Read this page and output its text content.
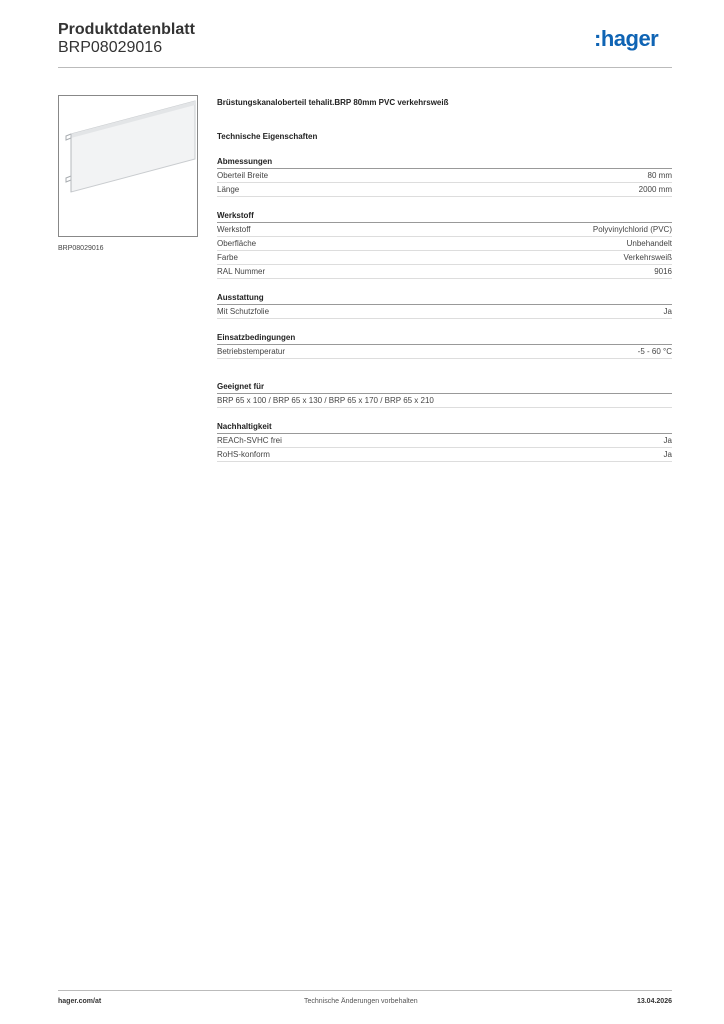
Produktdatenblatt
BRP08029016	:hager
BRP08029016
Brüstungskanaloberteil tehalit.BRP 80mm PVC verkehrsweiß
Technische Eigenschaften
Abmessungen
Oberteil Breite	80 mm
Länge	2000 mm
Werkstoff
Werkstoff	Polyvinylchlorid (PVC)
Oberfläche	Unbehandelt
Farbe	Verkehrsweiß
RAL Nummer	9016
Ausstattung
Mit Schutzfolie	Ja
Einsatzbedingungen
Betriebstemperatur	-5 - 60 °C
Geeignet für
BRP 65 x 100 / BRP 65 x 130 / BRP 65 x 170 / BRP 65 x 210
Nachhaltigkeit
REACh-SVHC frei	Ja
RoHS-konform	Ja
hager.com/at	Technische Änderungen vorbehalten	13.04.2026
